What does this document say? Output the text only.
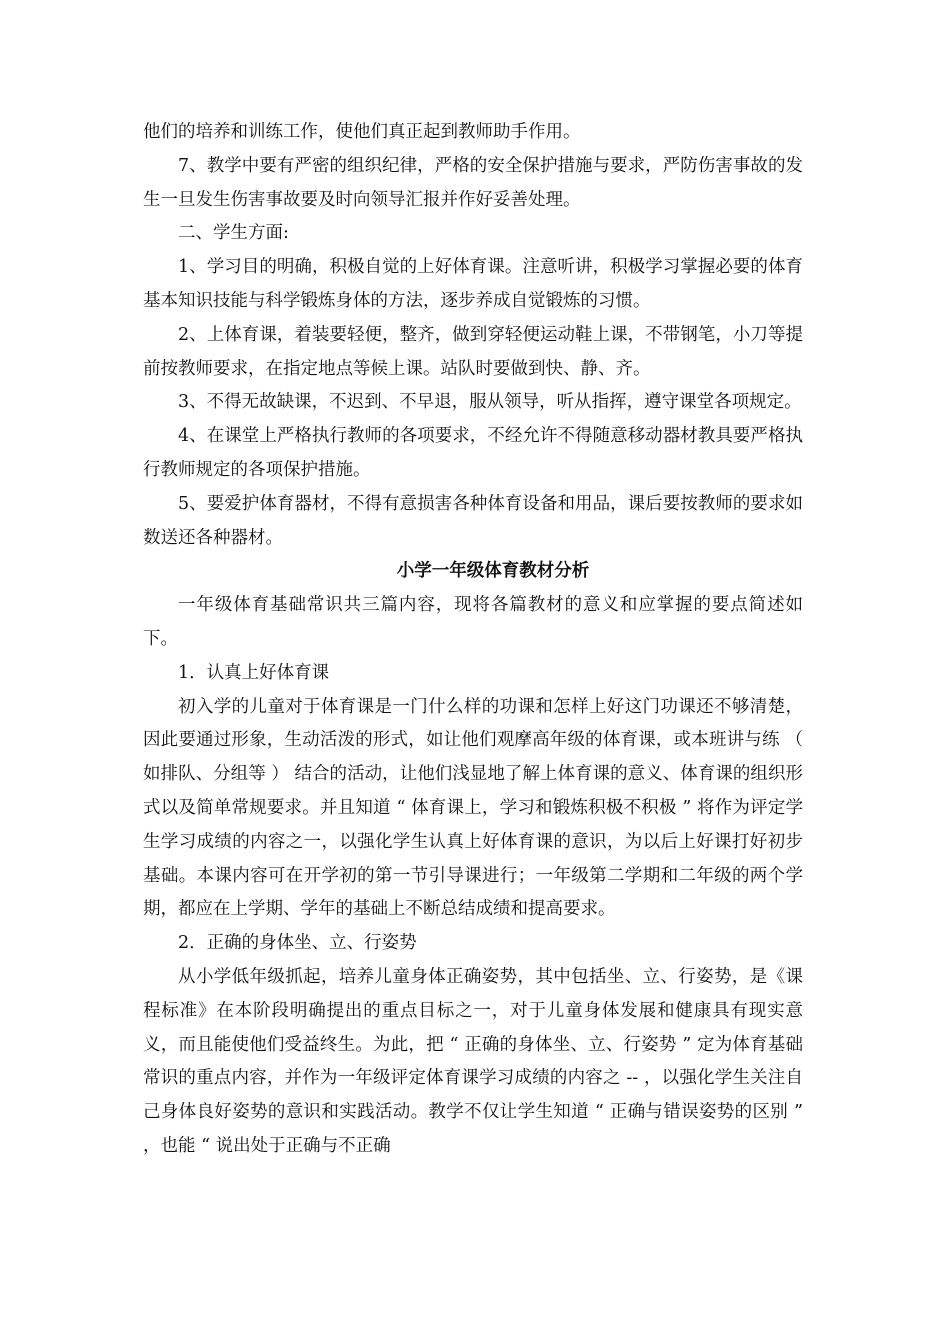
他们的培养和训练工作，使他们真正起到教师助手作用。

7、教学中要有严密的组织纪律，严格的安全保护措施与要求，严防伤害事故的发生一旦发生伤害事故要及时向领导汇报并作好妥善处理。

二、学生方面:

1、学习目的明确，积极自觉的上好体育课。注意听讲，积极学习掌握必要的体育基本知识技能与科学锻炼身体的方法，逐步养成自觉锻炼的习惯。

2、上体育课，着装要轻便，整齐，做到穿轻便运动鞋上课，不带钢笔，小刀等提前按教师要求，在指定地点等候上课。站队时要做到快、静、齐。

3、不得无故缺课，不迟到、不早退，服从领导，听从指挥，遵守课堂各项规定。

4、在课堂上严格执行教师的各项要求，不经允许不得随意移动器材教具要严格执行教师规定的各项保护措施。

5、要爱护体育器材，不得有意损害各种体育设备和用品，课后要按教师的要求如数送还各种器材。

小学一年级体育教材分析

一年级体育基础常识共三篇内容，现将各篇教材的意义和应掌握的要点简述如下。

1．认真上好体育课

初入学的儿童对于体育课是一门什么样的功课和怎样上好这门功课还不够清楚，因此要通过形象，生动活泼的形式，如让他们观摩高年级的体育课，或本班讲与练 （ 如排队、分组等 ） 结合的活动，让他们浅显地了解上体育课的意义、体育课的组织形式以及简单常规要求。并且知道 “ 体育课上，学习和锻炼积极不积极 ” 将作为评定学生学习成绩的内容之一，以强化学生认真上好体育课的意识，为以后上好课打好初步基础。本课内容可在开学初的第一节引导课进行；一年级第二学期和二年级的两个学期，都应在上学期、学年的基础上不断总结成绩和提高要求。

2．正确的身体坐、立、行姿势

从小学低年级抓起，培养儿童身体正确姿势，其中包括坐、立、行姿势，是《课程标准》在本阶段明确提出的重点目标之一，对于儿童身体发展和健康具有现实意义，而且能使他们受益终生。为此，把 “ 正确的身体坐、立、行姿势 ” 定为体育基础常识的重点内容，并作为一年级评定体育课学习成绩的内容之 -- ，以强化学生关注自己身体良好姿势的意识和实践活动。教学不仅让学生知道 “ 正确与错误姿势的区别 ” ，也能 “ 说出处于正确与不正确
